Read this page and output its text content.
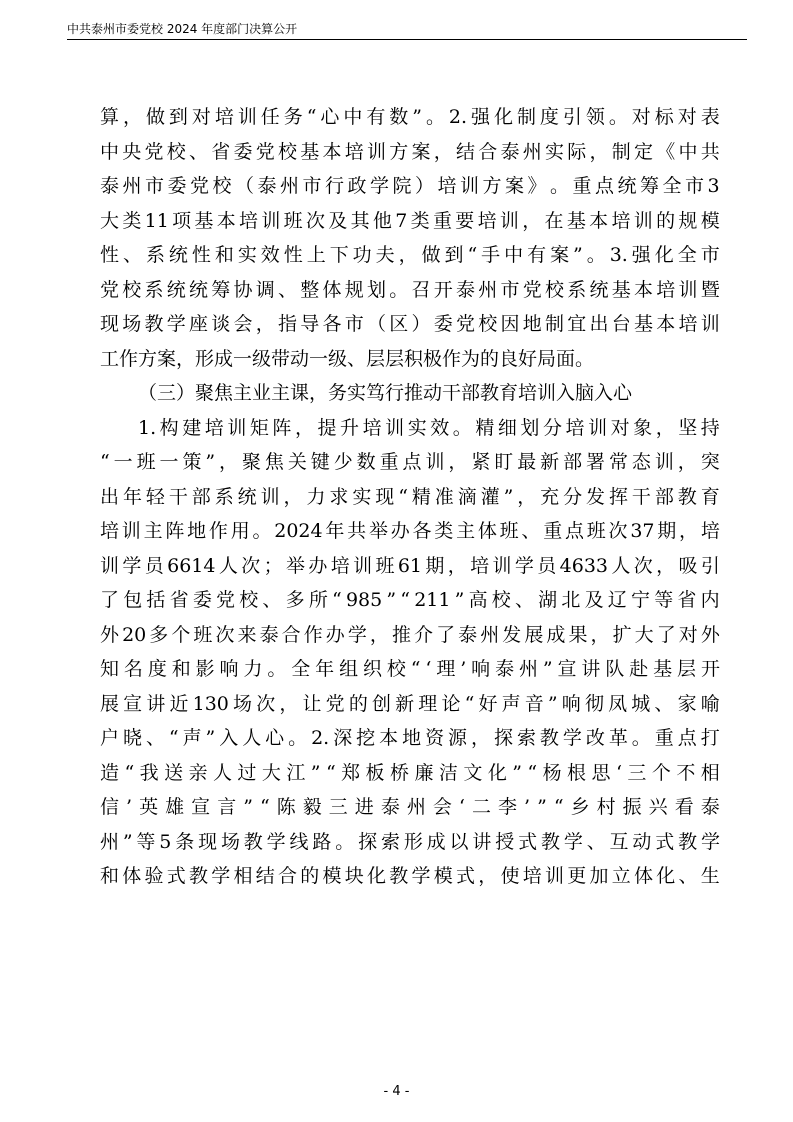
中共泰州市委党校 2024 年度部门决算公开
算 ， 做 到 对 培 训 任 务 “ 心 中 有 数 ” 。 2. 强 化 制 度 引 领 。 对 标 对 表
中 央 党 校 、 省 委 党 校 基 本 培 训 方 案 ， 结 合 泰 州 实 际 ， 制 定 《 中 共
泰 州 市 委 党 校 （ 泰 州 市 行 政 学 院 ） 培 训 方 案 》 。 重 点 统 筹 全 市 3
大 类 11 项 基 本 培 训 班 次 及 其 他 7 类 重 要 培 训 ， 在 基 本 培 训 的 规 模
性 、 系 统 性 和 实 效 性 上 下 功 夫 ， 做 到 “ 手 中 有 案 ” 。 3. 强 化 全 市
党 校 系 统 统 筹 协 调 、 整 体 规 划 。 召 开 泰 州 市 党 校 系 统 基 本 培 训 暨
现 场 教 学 座 谈 会 ， 指 导 各 市 （ 区 ） 委 党 校 因 地 制 宜 出 台 基 本 培 训
工作方案，形成一级带动一级、层层积极作为的良好局面。
（三）聚焦主业主课，务实笃行推动干部教育培训入脑入心
1. 构 建 培 训 矩 阵 ， 提 升 培 训 实 效 。 精 细 划 分 培 训 对 象 ， 坚 持
“ 一 班 一 策 ” ， 聚 焦 关 键 少 数 重 点 训 ， 紧 盯 最 新 部 署 常 态 训 ， 突
出 年 轻 干 部 系 统 训 ， 力 求 实 现 “ 精 准 滴 灌 ” ， 充 分 发 挥 干 部 教 育
培 训 主 阵 地 作 用 。 2024 年 共 举 办 各 类 主 体 班 、 重 点 班 次 37 期 ， 培
训 学 员 6614 人 次 ； 举 办 培 训 班 61 期 ， 培 训 学 员 4633 人 次 ， 吸 引
了 包 括 省 委 党 校 、 多 所 “ 985 ” “ 211 ” 高 校 、 湖 北 及 辽 宁 等 省 内
外 20 多 个 班 次 来 泰 合 作 办 学 ， 推 介 了 泰 州 发 展 成 果 ， 扩 大 了 对 外
知 名 度 和 影 响 力 。 全 年 组 织 校 “ ‘ 理 ’ 响 泰 州 ” 宣 讲 队 赴 基 层 开
展 宣 讲 近 130 场 次 ， 让 党 的 创 新 理 论 “ 好 声 音 ” 响 彻 凤 城 、 家 喻
户 晓 、 “ 声 ” 入 人 心 。 2. 深 挖 本 地 资 源 ， 探 索 教 学 改 革 。 重 点 打
造 “ 我 送 亲 人 过 大 江 ” “ 郑 板 桥 廉 洁 文 化 ” “ 杨 根 思 ‘ 三 个 不 相
信 ’ 英 雄 宣 言 ” “ 陈 毅 三 进 泰 州 会 ‘ 二 李 ’ ” “ 乡 村 振 兴 看 泰
州 ” 等 5 条 现 场 教 学 线 路 。 探 索 形 成 以 讲 授 式 教 学 、 互 动 式 教 学
和 体 验 式 教 学 相 结 合 的 模 块 化 教 学 模 式 ， 使 培 训 更 加 立 体 化 、 生
- 4 -
